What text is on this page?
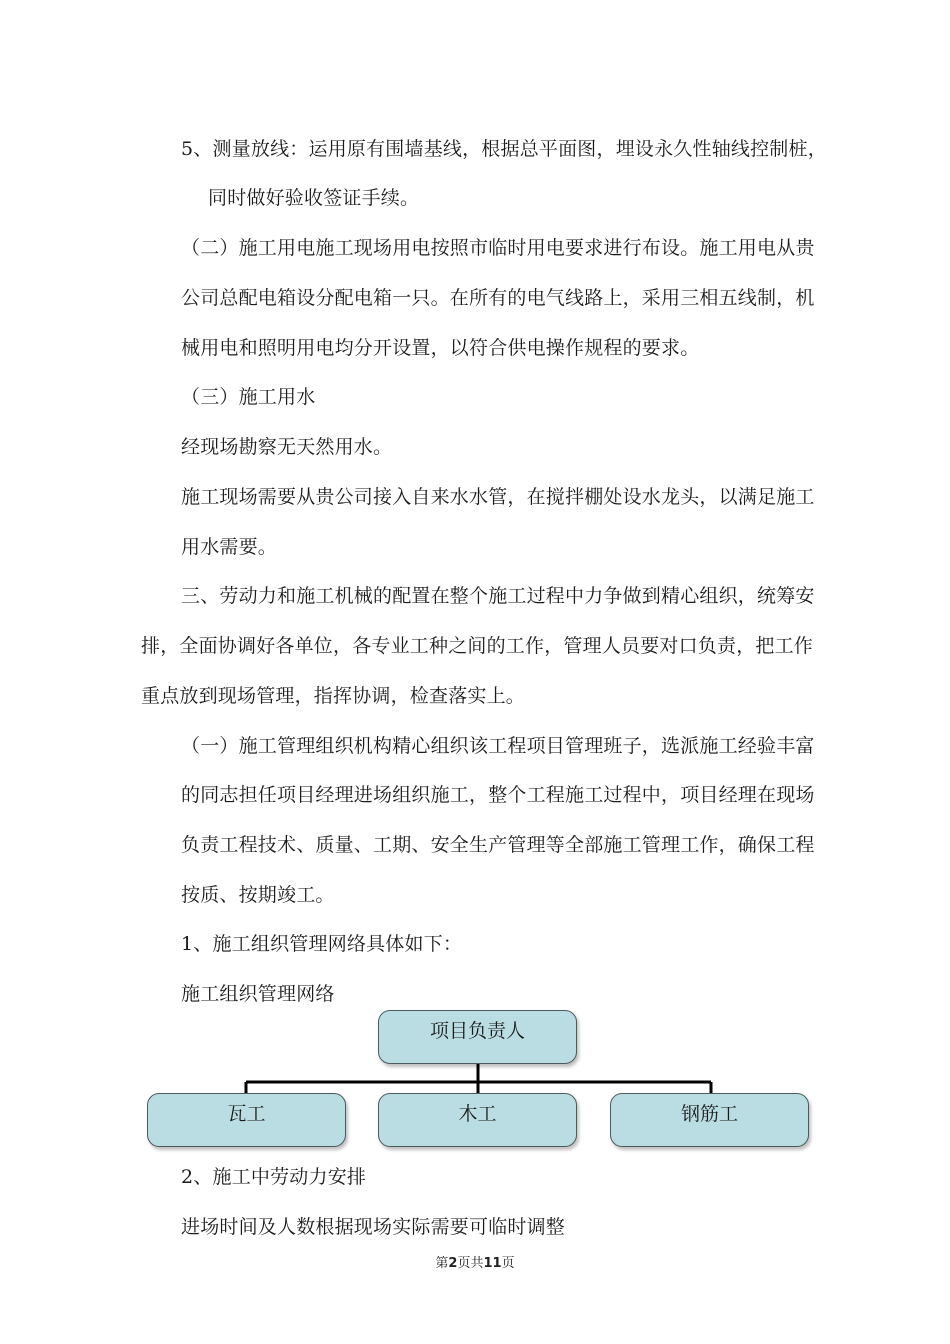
5、测量放线：运用原有围墙基线，根据总平面图，埋设永久性轴线控制桩，
同时做好验收签证手续。
（二）施工用电施工现场用电按照市临时用电要求进行布设。施工用电从贵
公司总配电箱设分配电箱一只。在所有的电气线路上，采用三相五线制，机
械用电和照明用电均分开设置，以符合供电操作规程的要求。
（三）施工用水
经现场勘察无天然用水。
施工现场需要从贵公司接入自来水水管，在搅拌棚处设水龙头，以满足施工
用水需要。
三、劳动力和施工机械的配置在整个施工过程中力争做到精心组织，统筹安
排，全面协调好各单位，各专业工种之间的工作，管理人员要对口负责，把工作
重点放到现场管理，指挥协调，检查落实上。
（一）施工管理组织机构精心组织该工程项目管理班子，选派施工经验丰富
的同志担任项目经理进场组织施工，整个工程施工过程中，项目经理在现场
负责工程技术、质量、工期、安全生产管理等全部施工管理工作，确保工程
按质、按期竣工。
1、施工组织管理网络具体如下：
施工组织管理网络
项目负责人
瓦工	木工	钢筋工
2、施工中劳动力安排
进场时间及人数根据现场实际需要可临时调整
第2页共11页
